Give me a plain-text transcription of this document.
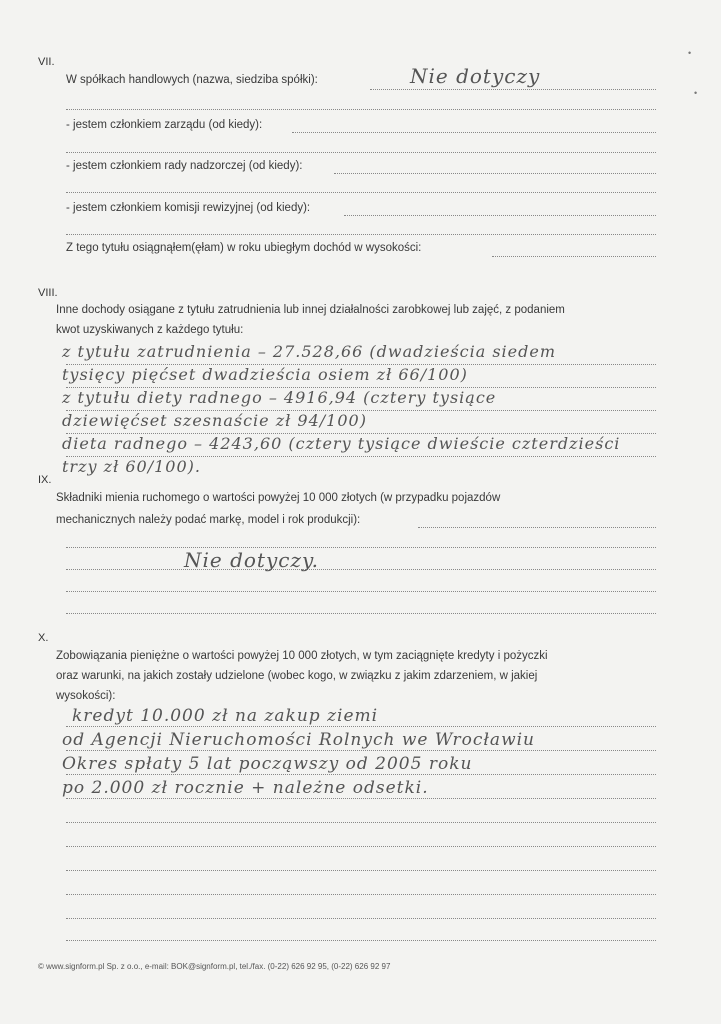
•
•
VII.
W spółkach handlowych (nazwa, siedziba spółki):	Nie dotyczy
- jestem członkiem zarządu (od kiedy):
- jestem członkiem rady nadzorczej (od kiedy):
- jestem członkiem komisji rewizyjnej (od kiedy):
Z tego tytułu osiągnąłem(ęłam) w roku ubiegłym dochód w wysokości:
VIII.
Inne dochody osiągane z tytułu zatrudnienia lub innej działalności zarobkowej lub zajęć, z podaniem
kwot uzyskiwanych z każdego tytułu:
z tytułu zatrudnienia – 27.528,66 (dwadzieścia siedem
tysięcy pięćset dwadzieścia osiem zł 66/100)
z tytułu diety radnego – 4916,94 (cztery tysiące
dziewięćset szesnaście zł 94/100)
dieta radnego – 4243,60 (cztery tysiące dwieście czterdzieści
trzy zł 60/100).
IX.
Składniki mienia ruchomego o wartości powyżej 10 000 złotych (w przypadku pojazdów
mechanicznych należy podać markę, model i rok produkcji):
Nie dotyczy.
X.
Zobowiązania pieniężne o wartości powyżej 10 000 złotych, w tym zaciągnięte kredyty i pożyczki
oraz warunki, na jakich zostały udzielone (wobec kogo, w związku z jakim zdarzeniem, w jakiej
wysokości):
kredyt 10.000 zł na zakup ziemi
od Agencji Nieruchomości Rolnych we Wrocławiu
Okres spłaty 5 lat począwszy od 2005 roku
po 2.000 zł rocznie + należne odsetki.
© www.signform.pl Sp. z o.o., e-mail: BOK@signform.pl, tel./fax. (0-22) 626 92 95, (0-22) 626 92 97
